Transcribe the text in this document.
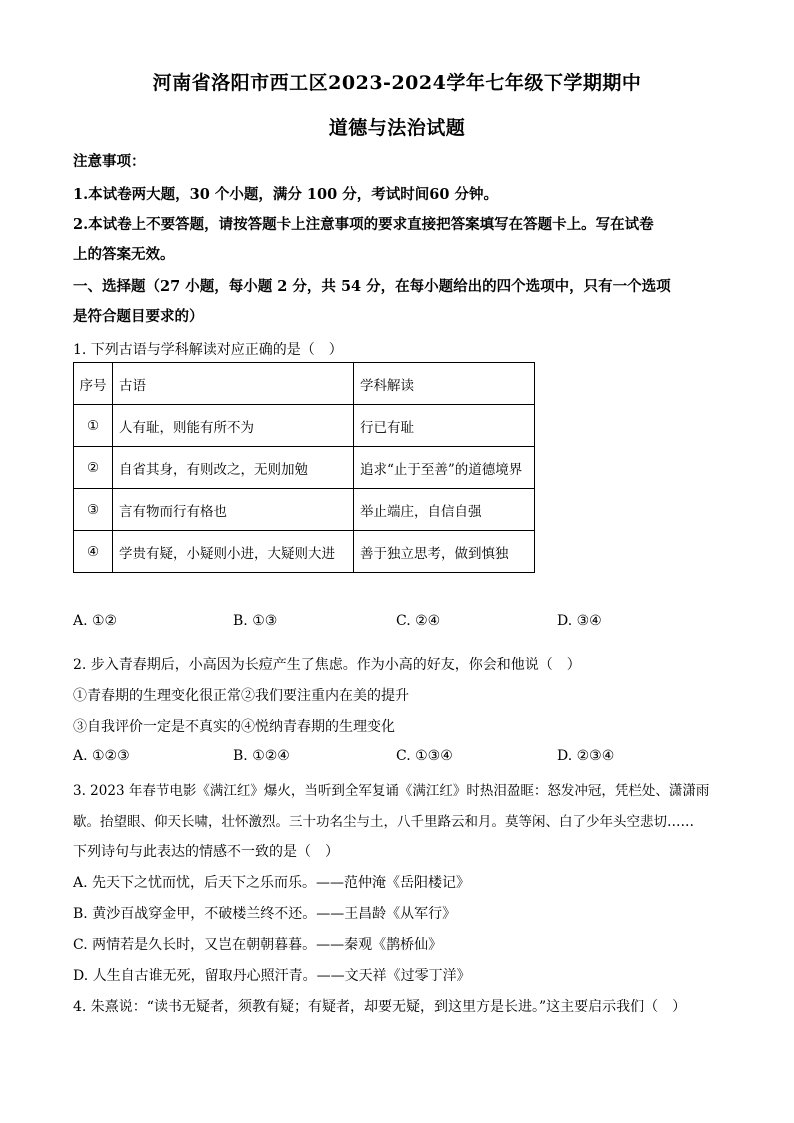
河南省洛阳市西工区2023-2024学年七年级下学期期中
道德与法治试题
注意事项：
1.本试卷两大题，30 个小题，满分 100 分，考试时间60 分钟。
2.本试卷上不要答题，请按答题卡上注意事项的要求直接把答案填写在答题卡上。写在试卷
上的答案无效。
一、选择题（27 小题，每小题 2 分，共 54 分，在每小题给出的四个选项中，只有一个选项
是符合题目要求的）
1. 下列古语与学科解读对应正确的是（　）
序号	古语	学科解读
①	人有耻，则能有所不为	行已有耻
②	自省其身，有则改之，无则加勉	追求“止于至善”的道德境界
③	言有物而行有格也	举止端庄，自信自强
④	学贵有疑，小疑则小进，大疑则大进	善于独立思考，做到慎独
A. ①②	B. ①③	C. ②④	D. ③④
2. 步入青春期后，小高因为长痘产生了焦虑。作为小高的好友，你会和他说（　）
①青春期的生理变化很正常②我们要注重内在美的提升
③自我评价一定是不真实的④悦纳青春期的生理变化
A. ①②③	B. ①②④	C. ①③④	D. ②③④
3. 2023 年春节电影《满江红》爆火，当听到全军复诵《满江红》时热泪盈眶：怒发冲冠，凭栏处、潇潇雨
歇。抬望眼、仰天长啸，壮怀激烈。三十功名尘与土，八千里路云和月。莫等闲、白了少年头空悲切……
下列诗句与此表达的情感不一致的是（　）
A. 先天下之忧而忧，后天下之乐而乐。——范仲淹《岳阳楼记》
B. 黄沙百战穿金甲，不破楼兰终不还。——王昌龄《从军行》
C. 两情若是久长时，又岂在朝朝暮暮。——秦观《鹊桥仙》
D. 人生自古谁无死，留取丹心照汗青。——文天祥《过零丁洋》
4. 朱熹说：“读书无疑者，须教有疑；有疑者，却要无疑，到这里方是长进。”这主要启示我们（　）
